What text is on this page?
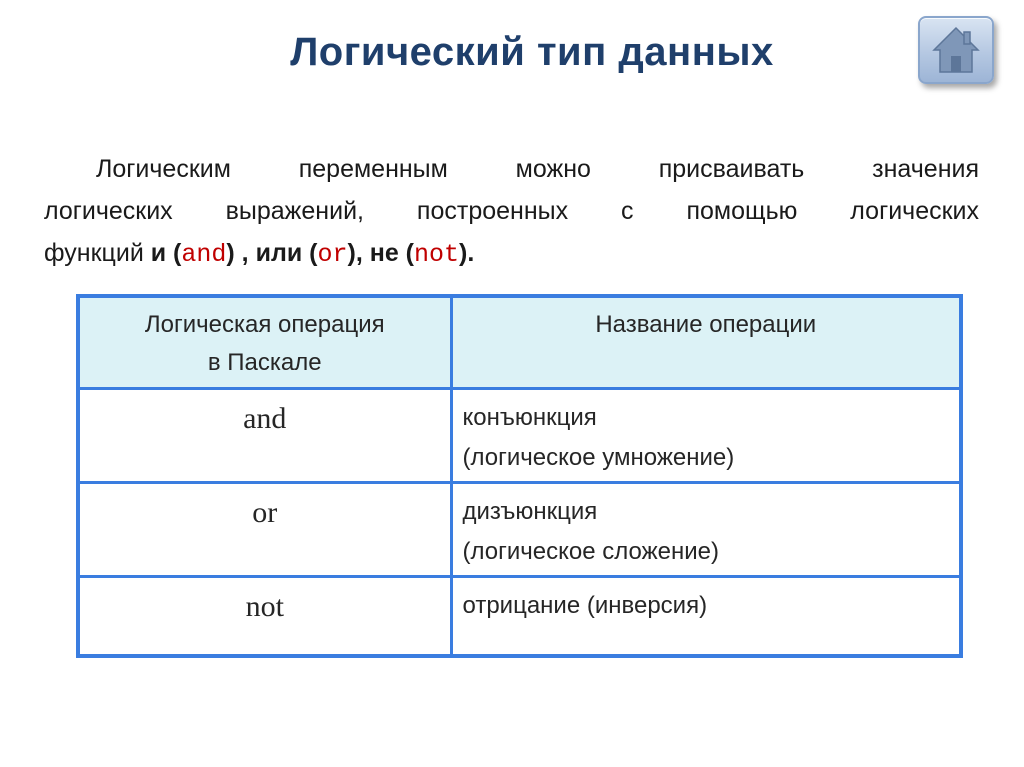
Логический тип данных
Логическим переменным можно присваивать значения
логических выражений, построенных с помощью логических
функций и (and) , или (or), не (not).
Логическая операция
в Паскале	Название операции

and	конъюнкция
(логическое умножение)

or	дизъюнкция
(логическое сложение)

not	отрицание (инверсия)
